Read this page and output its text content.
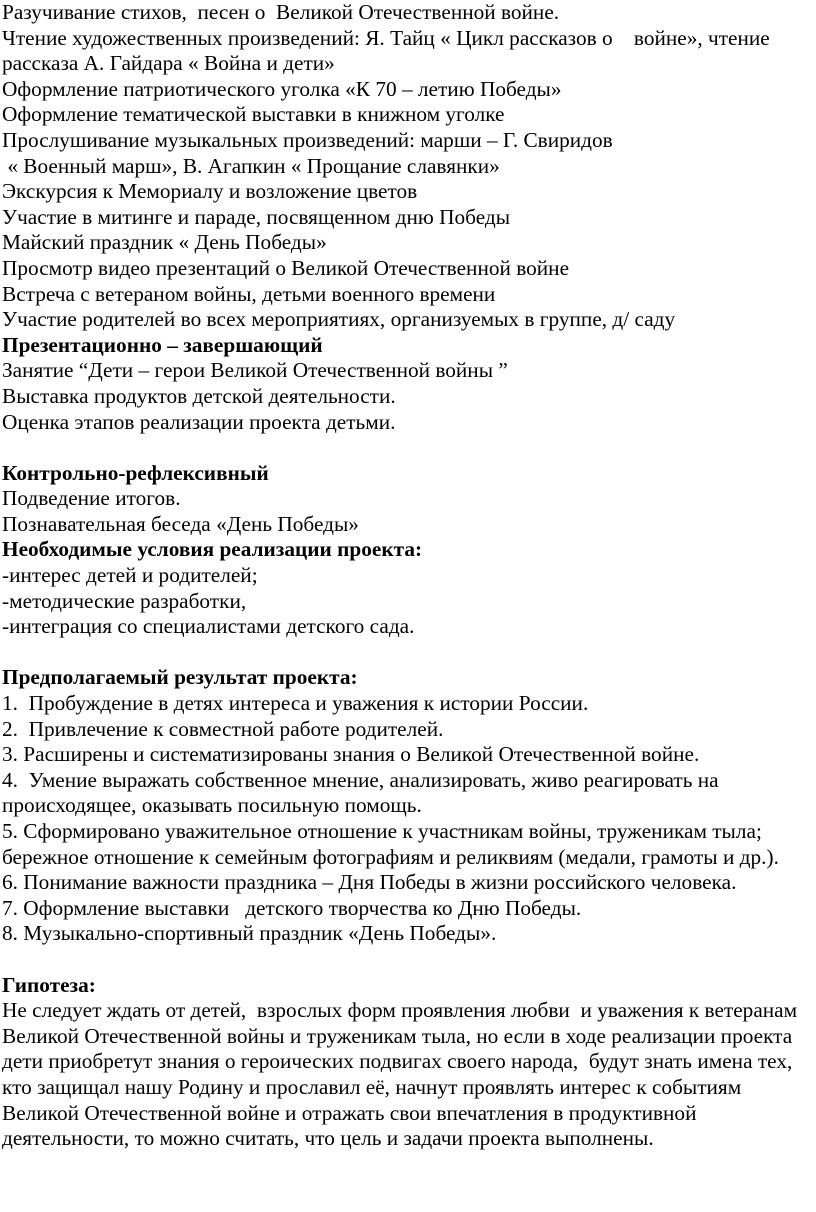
Разучивание стихов,  песен о  Великой Отечественной войне.

Чтение художественных произведений: Я. Тайц « Цикл рассказов о    войне», чтение рассказа А. Гайдара « Война и дети»

Оформление патриотического уголка «К 70 – летию Победы»

Оформление тематической выставки в книжном уголке

Прослушивание музыкальных произведений: марши – Г. Свиридов

« Военный марш», В. Агапкин « Прощание славянки»

Экскурсия к Мемориалу и возложение цветов

Участие в митинге и параде, посвященном дню Победы

Майский праздник « День Победы»

Просмотр видео презентаций о Великой Отечественной войне

Встреча с ветераном войны, детьми военного времени

Участие родителей во всех мероприятиях, организуемых в группе, д/ саду

Презентационно – завершающий

Занятие “Дети – герои Великой Отечественной войны ”

Выставка продуктов детской деятельности.

Оценка этапов реализации проекта детьми.

Контрольно-рефлексивный

Подведение итогов.

Познавательная беседа «День Победы»

Необходимые условия реализации проекта:

-интерес детей и родителей;

-методические разработки,

-интеграция со специалистами детского сада.

Предполагаемый результат проекта:

1.  Пробуждение в детях интереса и уважения к истории России.

2.  Привлечение к совместной работе родителей.

3. Расширены и систематизированы знания о Великой Отечественной войне.

4.  Умение выражать собственное мнение, анализировать, живо реагировать на происходящее, оказывать посильную помощь.

5. Сформировано уважительное отношение к участникам войны, труженикам тыла; бережное отношение к семейным фотографиям и реликвиям (медали, грамоты и др.).

6. Понимание важности праздника – Дня Победы в жизни российского человека.

7. Оформление выставки   детского творчества ко Дню Победы.

8. Музыкально-спортивный праздник «День Победы».

Гипотеза:

Не следует ждать от детей,  взрослых форм проявления любви  и уважения к ветеранам Великой Отечественной войны и труженикам тыла, но если в ходе реализации проекта дети приобретут знания о героических подвигах своего народа,  будут знать имена тех, кто защищал нашу Родину и прославил её, начнут проявлять интерес к событиям Великой Отечественной войне и отражать свои впечатления в продуктивной деятельности, то можно считать, что цель и задачи проекта выполнены.
